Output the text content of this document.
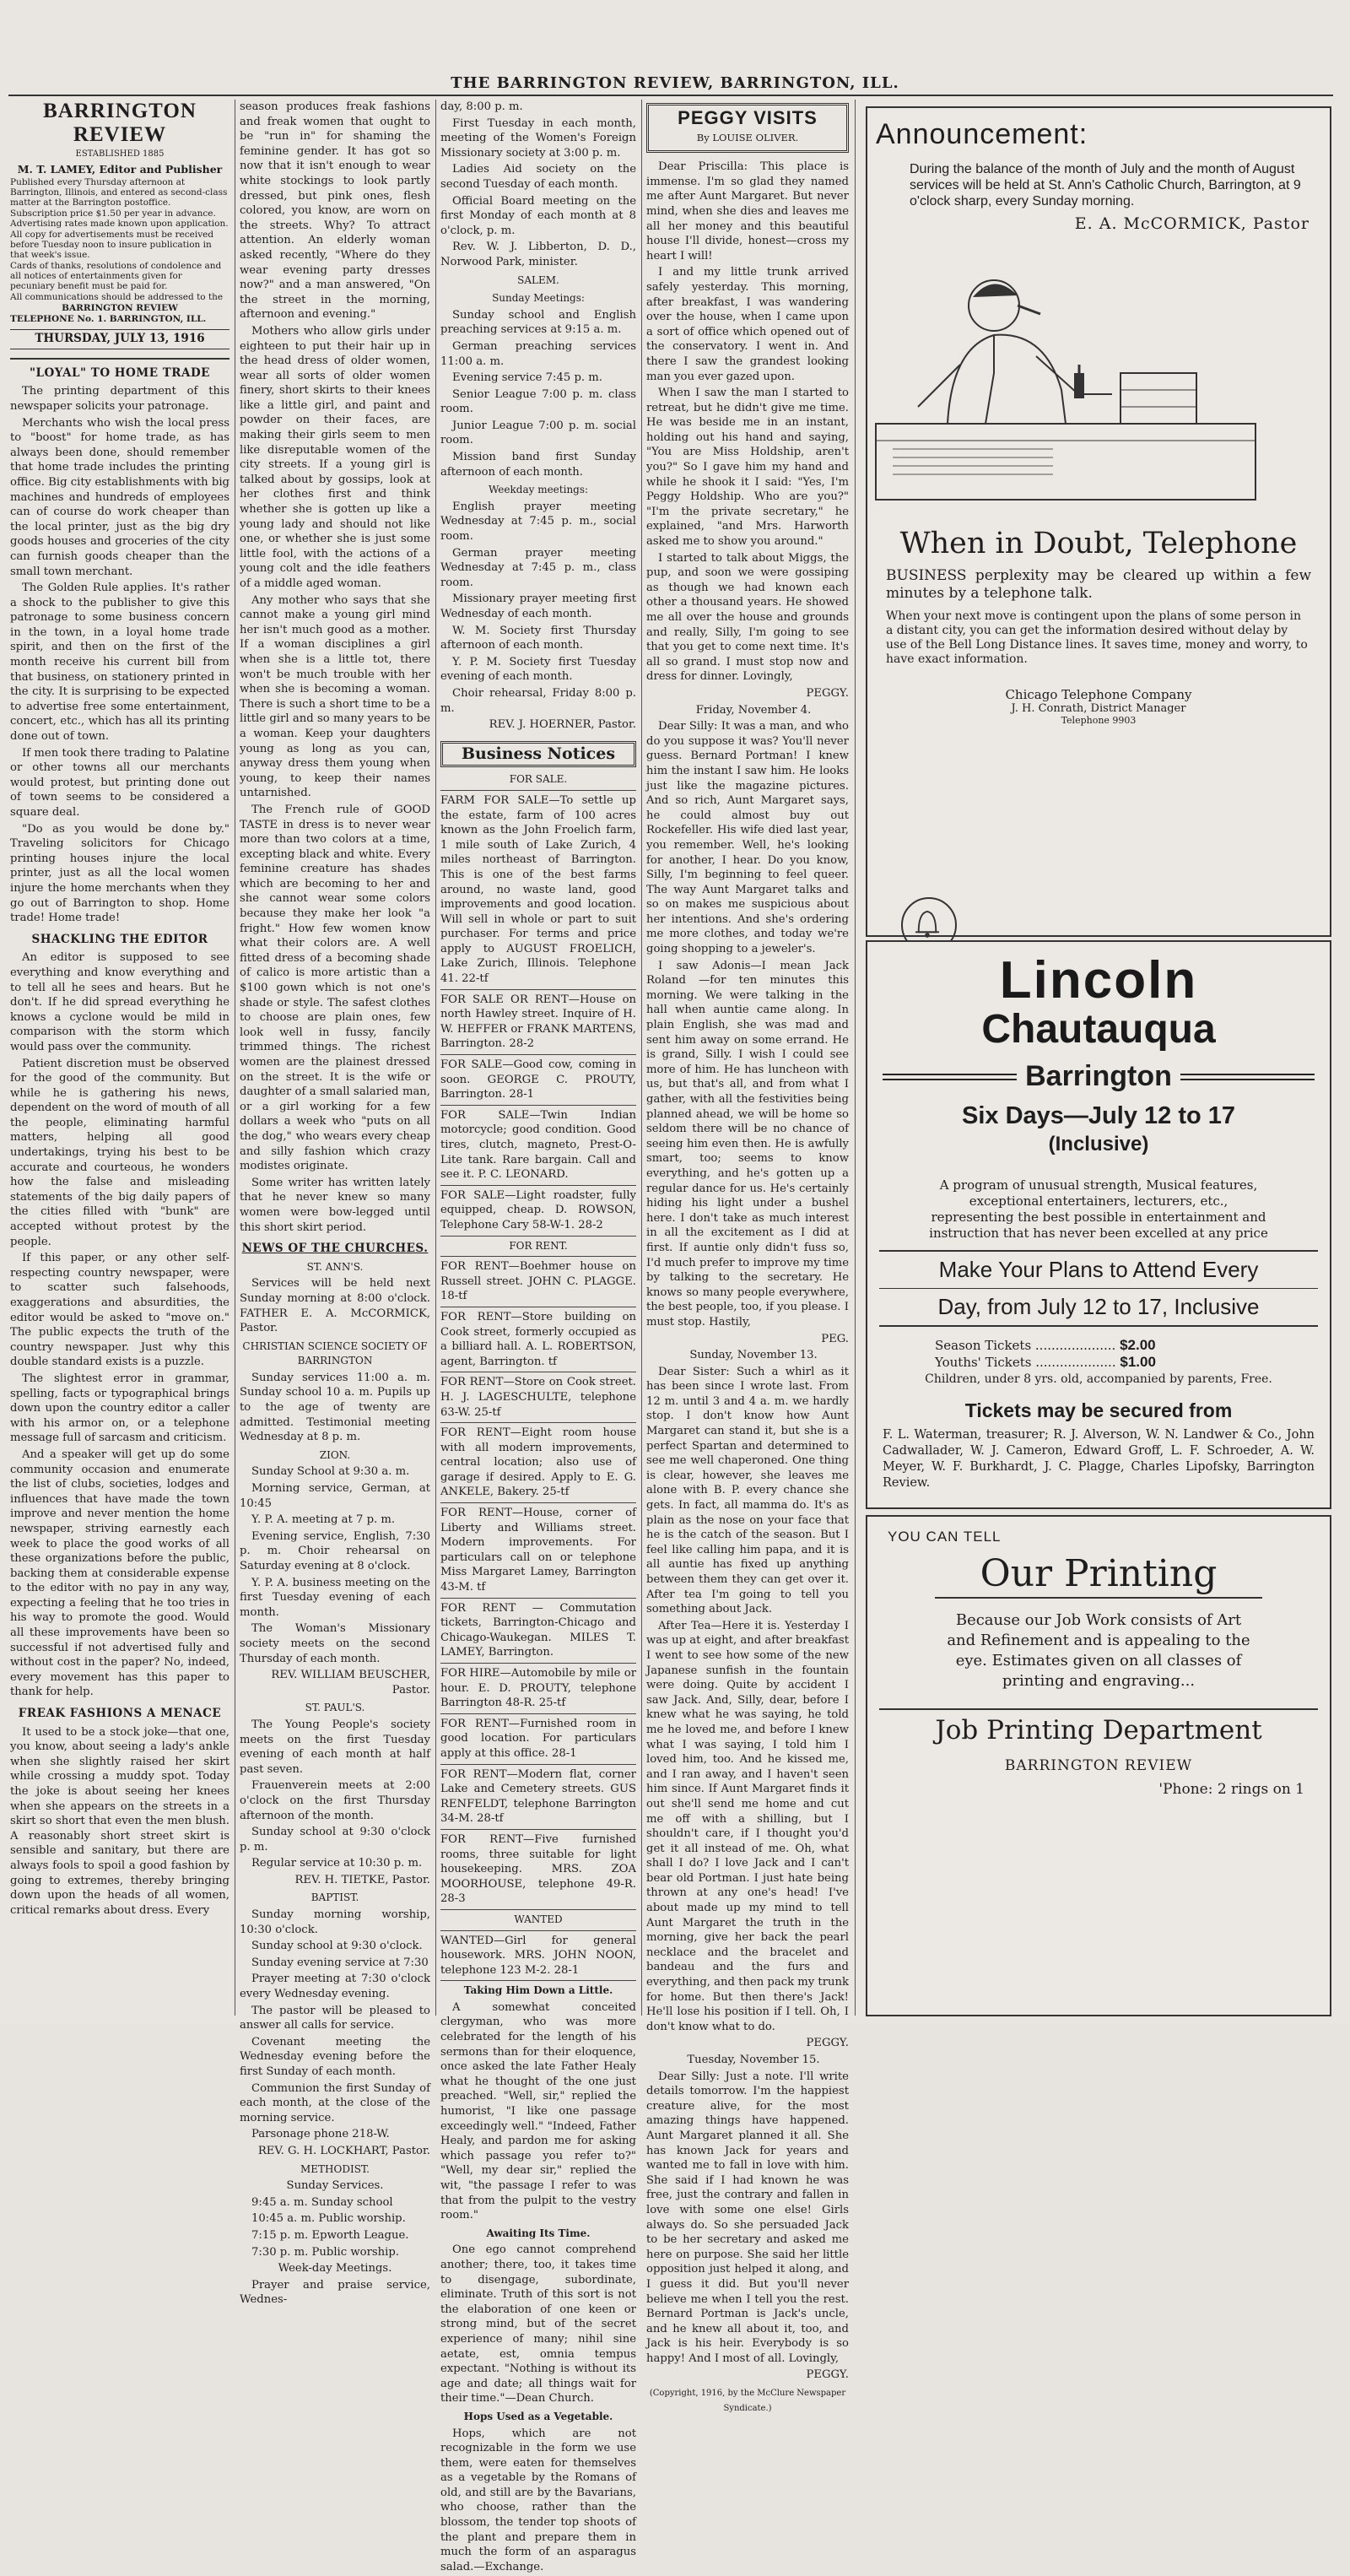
THE BARRINGTON REVIEW, BARRINGTON, ILL.
BARRINGTON REVIEW
ESTABLISHED 1885
M. T. LAMEY, Editor and Publisher
Published every Thursday afternoon at Barrington, Illinois, and entered as second-class matter at the Barrington postoffice.
Subscription price $1.50 per year in advance. Advertising rates made known upon application.
All copy for advertisements must be received before Tuesday noon to insure publication in that week's issue.
Cards of thanks, resolutions of condolence and all notices of entertainments given for pecuniary benefit must be paid for.
All communications should be addressed to the
BARRINGTON REVIEW
TELEPHONE No. 1. BARRINGTON, ILL.
THURSDAY, JULY 13, 1916
"LOYAL" TO HOME TRADE

The printing department of this newspaper solicits your patronage.

Merchants who wish the local press to "boost" for home trade, as has always been done, should remember that home trade includes the printing office. Big city establishments with big machines and hundreds of employees can of course do work cheaper than the local printer, just as the big dry goods houses and groceries of the city can furnish goods cheaper than the small town merchant.

The Golden Rule applies. It's rather a shock to the publisher to give this patronage to some business concern in the town, in a loyal home trade spirit, and then on the first of the month receive his current bill from that business, on stationery printed in the city. It is surprising to be expected to advertise free some entertainment, concert, etc., which has all its printing done out of town.

If men took there trading to Palatine or other towns all our merchants would protest, but printing done out of town seems to be considered a square deal.

"Do as you would be done by." Traveling solicitors for Chicago printing houses injure the local printer, just as all the local women injure the home merchants when they go out of Barrington to shop. Home trade! Home trade!

SHACKLING THE EDITOR

An editor is supposed to see everything and know everything and to tell all he sees and hears. But he don't. If he did spread everything he knows a cyclone would be mild in comparison with the storm which would pass over the community.

Patient discretion must be observed for the good of the community. But while he is gathering his news, dependent on the word of mouth of all the people, eliminating harmful matters, helping all good undertakings, trying his best to be accurate and courteous, he wonders how the false and misleading statements of the big daily papers of the cities filled with "bunk" are accepted without protest by the people.

If this paper, or any other self-respecting country newspaper, were to scatter such falsehoods, exaggerations and absurdities, the editor would be asked to "move on." The public expects the truth of the country newspaper. Just why this double standard exists is a puzzle.

The slightest error in grammar, spelling, facts or typographical brings down upon the country editor a caller with his armor on, or a telephone message full of sarcasm and criticism.

And a speaker will get up do some community occasion and enumerate the list of clubs, societies, lodges and influences that have made the town improve and never mention the home newspaper, striving earnestly each week to place the good works of all these organizations before the public, backing them at considerable expense to the editor with no pay in any way, expecting a feeling that he too tries in his way to promote the good. Would all these improvements have been so successful if not advertised fully and without cost in the paper? No, indeed, every movement has this paper to thank for help.

FREAK FASHIONS A MENACE

It used to be a stock joke—that one, you know, about seeing a lady's ankle when she slightly raised her skirt while crossing a muddy spot. Today the joke is about seeing her knees when she appears on the streets in a skirt so short that even the men blush. A reasonably short street skirt is sensible and sanitary, but there are always fools to spoil a good fashion by going to extremes, thereby bringing down upon the heads of all women, critical remarks about dress. Every

season produces freak fashions and freak women that ought to be "run in" for shaming the feminine gender. It has got so now that it isn't enough to wear white stockings to look partly dressed, but pink ones, flesh colored, you know, are worn on the streets. Why? To attract attention. An elderly woman asked recently, "Where do they wear evening party dresses now?" and a man answered, "On the street in the morning, afternoon and evening."

Mothers who allow girls under eighteen to put their hair up in the head dress of older women, wear all sorts of older women finery, short skirts to their knees like a little girl, and paint and powder on their faces, are making their girls seem to men like disreputable women of the city streets. If a young girl is talked about by gossips, look at her clothes first and think whether she is gotten up like a young lady and should not like one, or whether she is just some little fool, with the actions of a young colt and the idle feathers of a middle aged woman.

Any mother who says that she cannot make a young girl mind her isn't much good as a mother. If a woman disciplines a girl when she is a little tot, there won't be much trouble with her when she is becoming a woman. There is such a short time to be a little girl and so many years to be a woman. Keep your daughters young as long as you can, anyway dress them young when young, to keep their names untarnished.

The French rule of GOOD TASTE in dress is to never wear more than two colors at a time, excepting black and white. Every feminine creature has shades which are becoming to her and she cannot wear some colors because they make her look "a fright." How few women know what their colors are. A well fitted dress of a becoming shade of calico is more artistic than a $100 gown which is not one's shade or style. The safest clothes to choose are plain ones, few look well in fussy, fancily trimmed things. The richest women are the plainest dressed on the street. It is the wife or daughter of a small salaried man, or a girl working for a few dollars a week who "puts on all the dog," who wears every cheap and silly fashion which crazy modistes originate.

Some writer has written lately that he never knew so many women were bow-legged until this short skirt period.

NEWS OF THE CHURCHES.
ST. ANN'S.

Services will be held next Sunday morning at 8:00 o'clock. FATHER E. A. McCORMICK, Pastor.

CHRISTIAN SCIENCE SOCIETY OF BARRINGTON

Sunday services 11:00 a. m. Sunday school 10 a. m. Pupils up to the age of twenty are admitted. Testimonial meeting Wednesday at 8 p. m.

ZION.

Sunday School at 9:30 a. m.

Morning service, German, at 10:45

Y. P. A. meeting at 7 p. m.

Evening service, English, 7:30 p. m. Choir rehearsal on Saturday evening at 8 o'clock.

Y. P. A. business meeting on the first Tuesday evening of each month.

The Woman's Missionary society meets on the second Thursday of each month.

REV. WILLIAM BEUSCHER, Pastor.

ST. PAUL'S.

The Young People's society meets on the first Tuesday evening of each month at half past seven.

Frauenverein meets at 2:00 o'clock on the first Thursday afternoon of the month.

Sunday school at 9:30 o'clock p. m.

Regular service at 10:30 p. m.

REV. H. TIETKE, Pastor.

BAPTIST.

Sunday morning worship, 10:30 o'clock.

Sunday school at 9:30 o'clock.

Sunday evening service at 7:30

Prayer meeting at 7:30 o'clock every Wednesday evening.

The pastor will be pleased to answer all calls for service.

Covenant meeting the Wednesday evening before the first Sunday of each month.

Communion the first Sunday of each month, at the close of the morning service.

Parsonage phone 218-W.

REV. G. H. LOCKHART, Pastor.

METHODIST.

Sunday Services.

9:45 a. m. Sunday school

10:45 a. m. Public worship.

7:15 p. m. Epworth League.

7:30 p. m. Public worship.

Week-day Meetings.

Prayer and praise service, Wednes-

day, 8:00 p. m.

First Tuesday in each month, meeting of the Women's Foreign Missionary society at 3:00 p. m.

Ladies Aid society on the second Tuesday of each month.

Official Board meeting on the first Monday of each month at 8 o'clock, p. m.

Rev. W. J. Libberton, D. D., Norwood Park, minister.

SALEM.
Sunday Meetings:

Sunday school and English preaching services at 9:15 a. m.

German preaching services 11:00 a. m.

Evening service 7:45 p. m.

Senior League 7:00 p. m. class room.

Junior League 7:00 p. m. social room.

Mission band first Sunday afternoon of each month.

Weekday meetings:

English prayer meeting Wednesday at 7:45 p. m., social room.

German prayer meeting Wednesday at 7:45 p. m., class room.

Missionary prayer meeting first Wednesday of each month.

W. M. Society first Thursday afternoon of each month.

Y. P. M. Society first Tuesday evening of each month.

Choir rehearsal, Friday 8:00 p. m.

REV. J. HOERNER, Pastor.

Business Notices
FOR SALE.
FARM FOR SALE—To settle up the estate, farm of 100 acres known as the John Froelich farm, 1 mile south of Lake Zurich, 4 miles northeast of Barrington. This is one of the best farms around, no waste land, good improvements and good location. Will sell in whole or part to suit purchaser. For terms and price apply to AUGUST FROELICH, Lake Zurich, Illinois. Telephone 41. 22-tf
FOR SALE OR RENT—House on north Hawley street. Inquire of H. W. HEFFER or FRANK MARTENS, Barrington. 28-2
FOR SALE—Good cow, coming in soon. GEORGE C. PROUTY, Barrington. 28-1
FOR SALE—Twin Indian motorcycle; good condition. Good tires, clutch, magneto, Prest-O-Lite tank. Rare bargain. Call and see it. P. C. LEONARD.
FOR SALE—Light roadster, fully equipped, cheap. D. ROWSON, Telephone Cary 58-W-1. 28-2
FOR RENT.
FOR RENT—Boehmer house on Russell street. JOHN C. PLAGGE. 18-tf
FOR RENT—Store building on Cook street, formerly occupied as a billiard hall. A. L. ROBERTSON, agent, Barrington. tf
FOR RENT—Store on Cook street. H. J. LAGESCHULTE, telephone 63-W. 25-tf
FOR RENT—Eight room house with all modern improvements, central location; also use of garage if desired. Apply to E. G. ANKELE, Bakery. 25-tf
FOR RENT—House, corner of Liberty and Williams street. Modern improvements. For particulars call on or telephone Miss Margaret Lamey, Barrington 43-M. tf
FOR RENT — Commutation tickets, Barrington-Chicago and Chicago-Waukegan. MILES T. LAMEY, Barrington.
FOR HIRE—Automobile by mile or hour. E. D. PROUTY, telephone Barrington 48-R. 25-tf
FOR RENT—Furnished room in good location. For particulars apply at this office. 28-1
FOR RENT—Modern flat, corner Lake and Cemetery streets. GUS RENFELDT, telephone Barrington 34-M. 28-tf
FOR RENT—Five furnished rooms, three suitable for light housekeeping. MRS. ZOA MOORHOUSE, telephone 49-R. 28-3
WANTED
WANTED—Girl for general housework. MRS. JOHN NOON, telephone 123 M-2. 28-1
Taking Him Down a Little.

A somewhat conceited clergyman, who was more celebrated for the length of his sermons than for their eloquence, once asked the late Father Healy what he thought of the one just preached. "Well, sir," replied the humorist, "I like one passage exceedingly well." "Indeed, Father Healy, and pardon me for asking which passage you refer to?" "Well, my dear sir," replied the wit, "the passage I refer to was that from the pulpit to the vestry room."

Awaiting Its Time.

One ego cannot comprehend another; there, too, it takes time to disengage, subordinate, eliminate. Truth of this sort is not the elaboration of one keen or strong mind, but of the secret experience of many; nihil sine aetate, est, omnia tempus expectant. "Nothing is without its age and date; all things wait for their time."—Dean Church.

Hops Used as a Vegetable.

Hops, which are not recognizable in the form we use them, were eaten for themselves as a vegetable by the Romans of old, and still are by the Bavarians, who choose, rather than the blossom, the tender top shoots of the plant and prepare them in much the form of an asparagus salad.—Exchange.

PEGGY VISITS
By LOUISE OLIVER.

Dear Priscilla: This place is immense. I'm so glad they named me after Aunt Margaret. But never mind, when she dies and leaves me all her money and this beautiful house I'll divide, honest—cross my heart I will!

I and my little trunk arrived safely yesterday. This morning, after breakfast, I was wandering over the house, when I came upon a sort of office which opened out of the conservatory. I went in. And there I saw the grandest looking man you ever gazed upon.

When I saw the man I started to retreat, but he didn't give me time. He was beside me in an instant, holding out his hand and saying, "You are Miss Holdship, aren't you?" So I gave him my hand and while he shook it I said: "Yes, I'm Peggy Holdship. Who are you?" "I'm the private secretary," he explained, "and Mrs. Harworth asked me to show you around."

I started to talk about Miggs, the pup, and soon we were gossiping as though we had known each other a thousand years. He showed me all over the house and grounds and really, Silly, I'm going to see that you get to come next time. It's all so grand. I must stop now and dress for dinner. Lovingly,

PEGGY.

Friday, November 4.

Dear Silly: It was a man, and who do you suppose it was? You'll never guess. Bernard Portman! I knew him the instant I saw him. He looks just like the magazine pictures. And so rich, Aunt Margaret says, he could almost buy out Rockefeller. His wife died last year, you remember. Well, he's looking for another, I hear. Do you know, Silly, I'm beginning to feel queer. The way Aunt Margaret talks and so on makes me suspicious about her intentions. And she's ordering me more clothes, and today we're going shopping to a jeweler's.

I saw Adonis—I mean Jack Roland —for ten minutes this morning. We were talking in the hall when auntie came along. In plain English, she was mad and sent him away on some errand. He is grand, Silly. I wish I could see more of him. He has luncheon with us, but that's all, and from what I gather, with all the festivities being planned ahead, we will be home so seldom there will be no chance of seeing him even then. He is awfully smart, too; seems to know everything, and he's gotten up a regular dance for us. He's certainly hiding his light under a bushel here. I don't take as much interest in all the excitement as I did at first. If auntie only didn't fuss so, I'd much prefer to improve my time by talking to the secretary. He knows so many people everywhere, the best people, too, if you please. I must stop. Hastily,

PEG.

Sunday, November 13.

Dear Sister: Such a whirl as it has been since I wrote last. From 12 m. until 3 and 4 a. m. we hardly stop. I don't know how Aunt Margaret can stand it, but she is a perfect Spartan and determined to see me well chaperoned. One thing is clear, however, she leaves me alone with B. P. every chance she gets. In fact, all mamma do. It's as plain as the nose on your face that he is the catch of the season. But I feel like calling him papa, and it is all auntie has fixed up anything between them they can get over it. After tea I'm going to tell you something about Jack.

After Tea—Here it is. Yesterday I was up at eight, and after breakfast I went to see how some of the new Japanese sunfish in the fountain were doing. Quite by accident I saw Jack. And, Silly, dear, before I knew what he was saying, he told me he loved me, and before I knew what I was saying, I told him I loved him, too. And he kissed me, and I ran away, and I haven't seen him since. If Aunt Margaret finds it out she'll send me home and cut me off with a shilling, but I shouldn't care, if I thought you'd get it all instead of me. Oh, what shall I do? I love Jack and I can't bear old Portman. I just hate being thrown at any one's head! I've about made up my mind to tell Aunt Margaret the truth in the morning, give her back the pearl necklace and the bracelet and bandeau and the furs and everything, and then pack my trunk for home. But then there's Jack! He'll lose his position if I tell. Oh, I don't know what to do.

PEGGY.

Tuesday, November 15.

Dear Silly: Just a note. I'll write details tomorrow. I'm the happiest creature alive, for the most amazing things have happened. Aunt Margaret planned it all. She has known Jack for years and wanted me to fall in love with him. She said if I had known he was free, just the contrary and fallen in love with some one else! Girls always do. So she persuaded Jack to be her secretary and asked me here on purpose. She said her little opposition just helped it along, and I guess it did. But you'll never believe me when I tell you the rest. Bernard Portman is Jack's uncle, and he knew all about it, too, and Jack is his heir. Everybody is so happy! And I most of all. Lovingly,

PEGGY.

(Copyright, 1916, by the McClure Newspaper Syndicate.)
Announcement:
During the balance of the month of July and the month of August services will be held at St. Ann's Catholic Church, Barrington, at 9 o'clock sharp, every Sunday morning.
E. A. McCORMICK, Pastor
When in Doubt, Telephone
BUSINESS perplexity may be cleared up within a few minutes by a telephone talk.
When your next move is contingent upon the plans of some person in a distant city, you can get the information desired without delay by use of the Bell Long Distance lines. It saves time, money and worry, to have exact information.
Chicago Telephone Company
J. H. Conrath, District Manager
Telephone 9903
Lincoln
Chautauqua
Barrington
Six Days—July 12 to 17
(Inclusive)
A program of unusual strength, Musical features, exceptional entertainers, lecturers, etc., representing the best possible in entertainment and instruction that has never been excelled at any price
Make Your Plans to Attend Every
Day, from July 12 to 17, Inclusive
Season Tickets .................... $2.00
Youths' Tickets .................... $1.00
Children, under 8 yrs. old, accompanied by parents, Free.
Tickets may be secured from
F. L. Waterman, treasurer; R. J. Alverson, W. N. Landwer & Co., John Cadwallader, W. J. Cameron, Edward Groff, L. F. Schroeder, A. W. Meyer, W. F. Burkhardt, J. C. Plagge, Charles Lipofsky, Barrington Review.
YOU CAN TELL
Our Printing
Because our Job Work consists of Art and Refinement and is appealing to the eye. Estimates given on all classes of printing and engraving...
Job Printing Department
BARRINGTON REVIEW
'Phone: 2 rings on 1
